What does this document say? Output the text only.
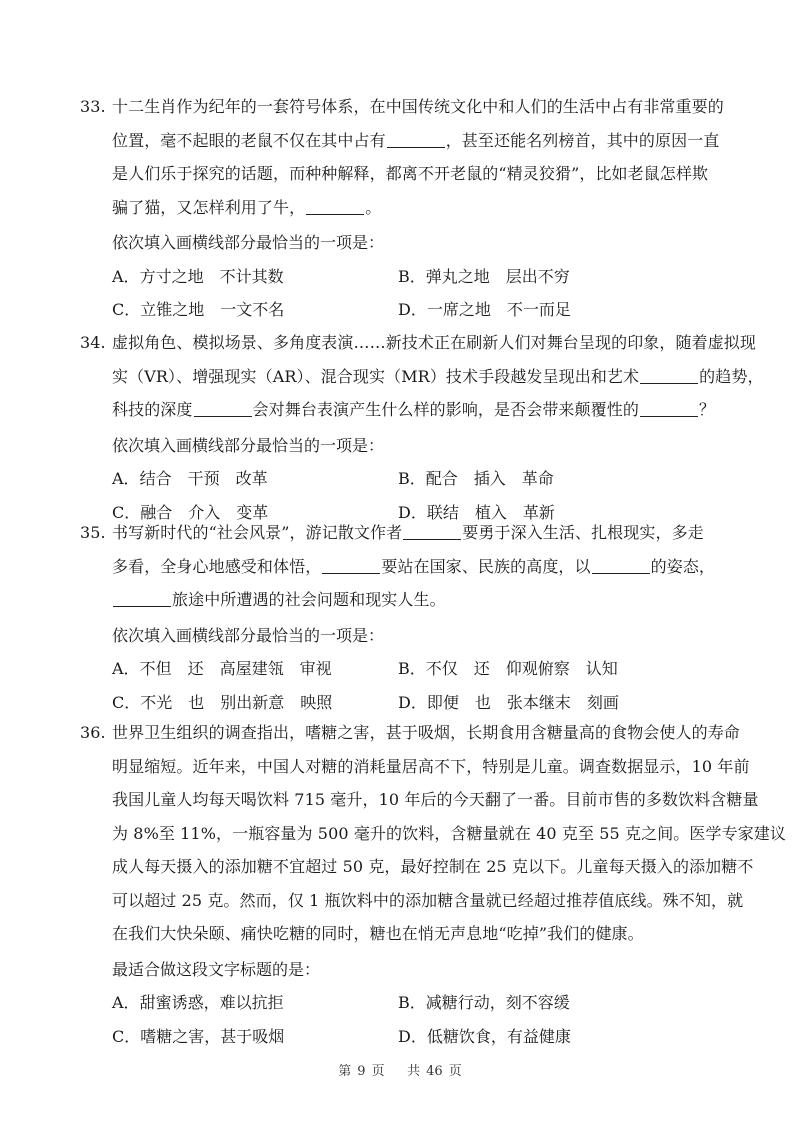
33. 十二生肖作为纪年的一套符号体系，在中国传统文化中和人们的生活中占有非常重要的
位置，毫不起眼的老鼠不仅在其中占有	，甚至还能名列榜首，其中的原因一直
是人们乐于探究的话题，而种种解释，都离不开老鼠的“精灵狡猾”，比如老鼠怎样欺
骗了猫，又怎样利用了牛，	。
依次填入画横线部分最恰当的一项是：
A．方寸之地　不计其数	B．弹丸之地　层出不穷
C．立锥之地　一文不名	D．一席之地　不一而足
34. 虚拟角色、模拟场景、多角度表演……新技术正在刷新人们对舞台呈现的印象，随着虚拟现
实（VR）、增强现实（AR）、混合现实（MR）技术手段越发呈现出和艺术	的趋势，
科技的深度	会对舞台表演产生什么样的影响，是否会带来颠覆性的	？
依次填入画横线部分最恰当的一项是：
A．结合　干预　改革	B．配合　插入　革命
C．融合　介入　变革	D．联结　植入　革新
35. 书写新时代的“社会风景”，游记散文作者	要勇于深入生活、扎根现实，多走
多看，全身心地感受和体悟，	要站在国家、民族的高度，以	的姿态，
旅途中所遭遇的社会问题和现实人生。
依次填入画横线部分最恰当的一项是：
A．不但　还　高屋建瓴　审视	B．不仅　还　仰观俯察　认知
C．不光　也　别出新意　映照	D．即便　也　张本继末　刻画
36. 世界卫生组织的调查指出，嗜糖之害，甚于吸烟，长期食用含糖量高的食物会使人的寿命
明显缩短。近年来，中国人对糖的消耗量居高不下，特别是儿童。调查数据显示，10 年前
我国儿童人均每天喝饮料 715 毫升，10 年后的今天翻了一番。目前市售的多数饮料含糖量
为 8%至 11%，一瓶容量为 500 毫升的饮料，含糖量就在 40 克至 55 克之间。医学专家建议
成人每天摄入的添加糖不宜超过 50 克，最好控制在 25 克以下。儿童每天摄入的添加糖不
可以超过 25 克。然而，仅 1 瓶饮料中的添加糖含量就已经超过推荐值底线。殊不知，就
在我们大快朵颐、痛快吃糖的同时，糖也在悄无声息地“吃掉”我们的健康。
最适合做这段文字标题的是：
A．甜蜜诱惑，难以抗拒	B．减糖行动，刻不容缓
C．嗜糖之害，甚于吸烟	D．低糖饮食，有益健康
第 9 页 共 46 页
